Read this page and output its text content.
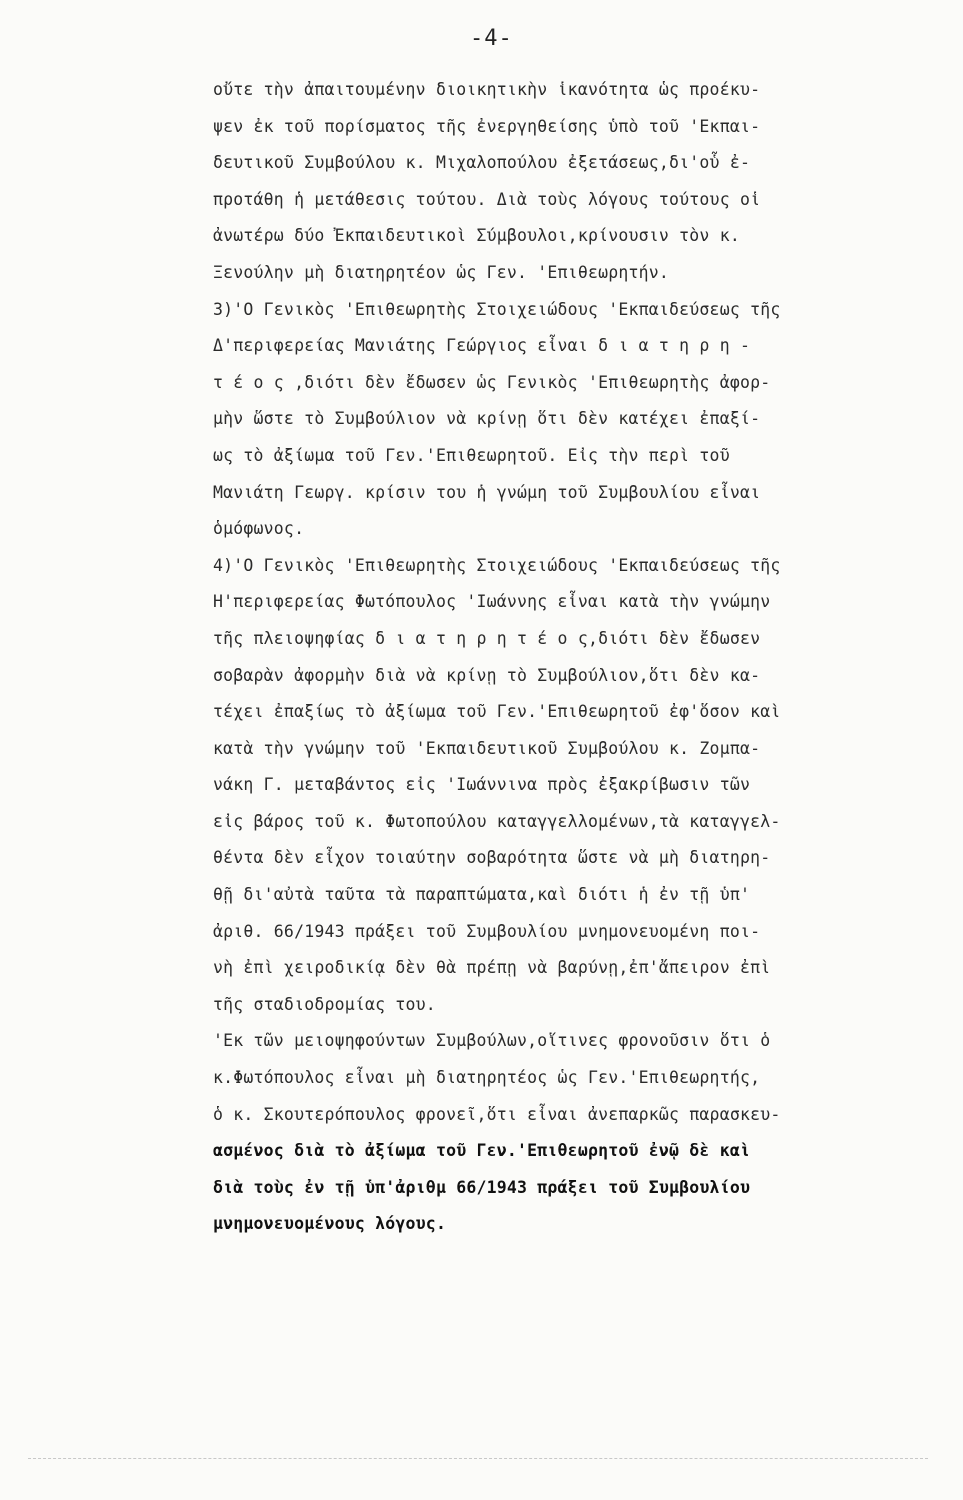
-4-
οὔτε τὴν ἀπαιτουμένην διοικητικὴν ἱκανότητα ὡς προέκυ-
ψεν ἐκ τοῦ πορίσματος τῆς ἐνεργηθείσης ὑπὸ τοῦ 'Εκπαι-
δευτικοῦ Συμβούλου κ. Μιχαλοπούλου ἐξετάσεως,δι'οὗ ἐ-
προτάθη ἡ μετάθεσις τούτου. Διὰ τοὺς λόγους τούτους οἱ
ἀνωτέρω δύο Ἐκπαιδευτικοὶ Σύμβουλοι,κρίνουσιν τὸν κ.
Ξενούλην μὴ διατηρητέον ὡς Γεν. 'Επιθεωρητήν.
3)'Ο Γενικὸς 'Επιθεωρητὴς Στοιχειώδους 'Εκπαιδεύσεως τῆς
Δ'περιφερείας Μανιάτης Γεώργιος εἶναι δ ι α τ η ρ η -
τ έ ο ς ,διότι δὲν ἔδωσεν ὡς Γενικὸς 'Επιθεωρητὴς ἀφορ-
μὴν ὥστε τὸ Συμβούλιον νὰ κρίνῃ ὅτι δὲν κατέχει ἐπαξί-
ως τὸ ἀξίωμα τοῦ Γεν.'Επιθεωρητοῦ. Εἰς τὴν περὶ τοῦ
Μανιάτη Γεωργ. κρίσιν του ἡ γνώμη τοῦ Συμβουλίου εἶναι
ὁμόφωνος.
4)'Ο Γενικὸς 'Επιθεωρητὴς Στοιχειώδους 'Εκπαιδεύσεως τῆς
Η'περιφερείας Φωτόπουλος 'Ιωάννης εἶναι κατὰ τὴν γνώμην
τῆς πλειοψηφίας δ ι α τ η ρ η τ έ ο ς,διότι δὲν ἔδωσεν
σοβαρὰν ἀφορμὴν διὰ νὰ κρίνῃ τὸ Συμβούλιον,ὅτι δὲν κα-
τέχει ἐπαξίως τὸ ἀξίωμα τοῦ Γεν.'Επιθεωρητοῦ ἐφ'ὅσον καὶ
κατὰ τὴν γνώμην τοῦ 'Εκπαιδευτικοῦ Συμβούλου κ. Ζομπα-
νάκη Γ. μεταβάντος εἰς 'Ιωάννινα πρὸς ἐξακρίβωσιν τῶν
εἰς βάρος τοῦ κ. Φωτοπούλου καταγγελλομένων,τὰ καταγγελ-
θέντα δὲν εἶχον τοιαύτην σοβαρότητα ὥστε νὰ μὴ διατηρη-
θῇ δι'αὐτὰ ταῦτα τὰ παραπτώματα,καὶ διότι ἡ ἐν τῇ ὑπ'
ἀριθ. 66/1943 πράξει τοῦ Συμβουλίου μνημονευομένη ποι-
νὴ ἐπὶ χειροδικίᾳ δὲν θὰ πρέπῃ νὰ βαρύνῃ,ἐπ'ἄπειρον ἐπὶ
τῆς σταδιοδρομίας του.
'Εκ τῶν μειοψηφούντων Συμβούλων,οἵτινες φρονοῦσιν ὅτι ὁ
κ.Φωτόπουλος εἶναι μὴ διατηρητέος ὡς Γεν.'Επιθεωρητής,
ὁ κ. Σκουτερόπουλος φρονεῖ,ὅτι εἶναι ἀνεπαρκῶς παρασκευ-
ασμένος διὰ τὸ ἀξίωμα τοῦ Γεν.'Επιθεωρητοῦ ἐνῷ δὲ καὶ
διὰ τοὺς ἐν τῇ ὑπ'ἀριθμ 66/1943 πράξει τοῦ Συμβουλίου
μνημονευομένους λόγους.
